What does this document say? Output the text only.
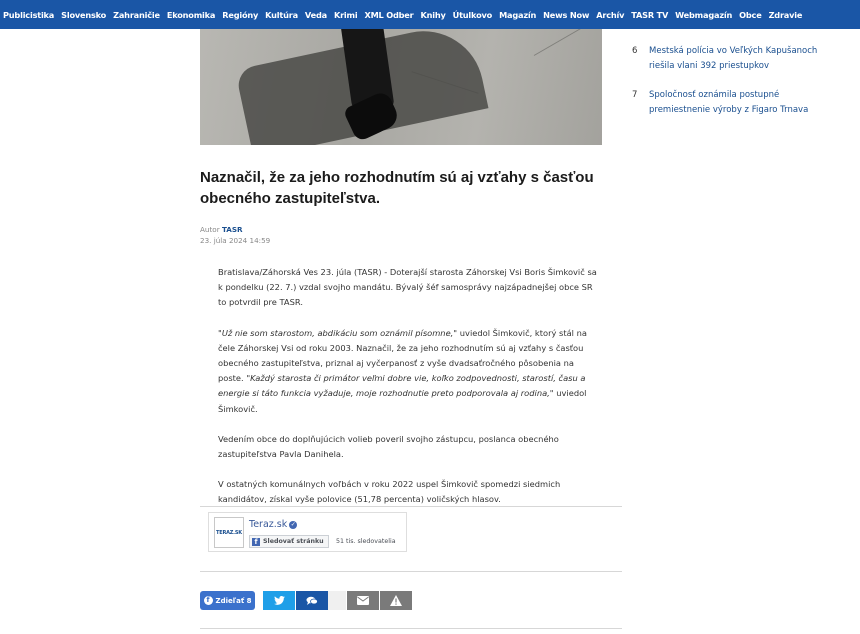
Publicistika Slovensko Zahraničie Ekonomika Regióny Kultúra Veda Krimi XML Odber Knihy Útulkovo Magazín News Now Archív TASR TV Webmagazín Obce Zdravie
6	Mestská polícia vo Veľkých Kapušanoch riešila vlani 392 priestupkov
7	Spoločnosť oznámila postupné premiestnenie výroby z Figaro Trnava
Naznačil, že za jeho rozhodnutím sú aj vzťahy s časťou obecného zastupiteľstva.
Autor TASR
23. júla 2024 14:59

Bratislava/Záhorská Ves 23. júla (TASR) - Doterajší starosta Záhorskej Vsi Boris Šimkovič sa k pondelku (22. 7.) vzdal svojho mandátu. Bývalý šéf samosprávy najzápadnejšej obce SR to potvrdil pre TASR.

"Už nie som starostom, abdikáciu som oznámil písomne," uviedol Šimkovič, ktorý stál na čele Záhorskej Vsi od roku 2003. Naznačil, že za jeho rozhodnutím sú aj vzťahy s časťou obecného zastupiteľstva, priznal aj vyčerpanosť z vyše dvadsaťročného pôsobenia na poste. "Každý starosta či primátor veľmi dobre vie, koľko zodpovednosti, starostí, času a energie si táto funkcia vyžaduje, moje rozhodnutie preto podporovala aj rodina," uviedol Šimkovič.

Vedením obce do doplňujúcich volieb poveril svojho zástupcu, poslanca obecného zastupiteľstva Pavla Danihela.

V ostatných komunálnych voľbách v roku 2022 uspel Šimkovič spomedzi siedmich kandidátov, získal vyše polovice (51,78 percenta) voličských hlasov.

TERAZ.SK
Teraz.sk ✓
f Sledovať stránku 51 tis. sledovatelia
f Zdieľať 8
